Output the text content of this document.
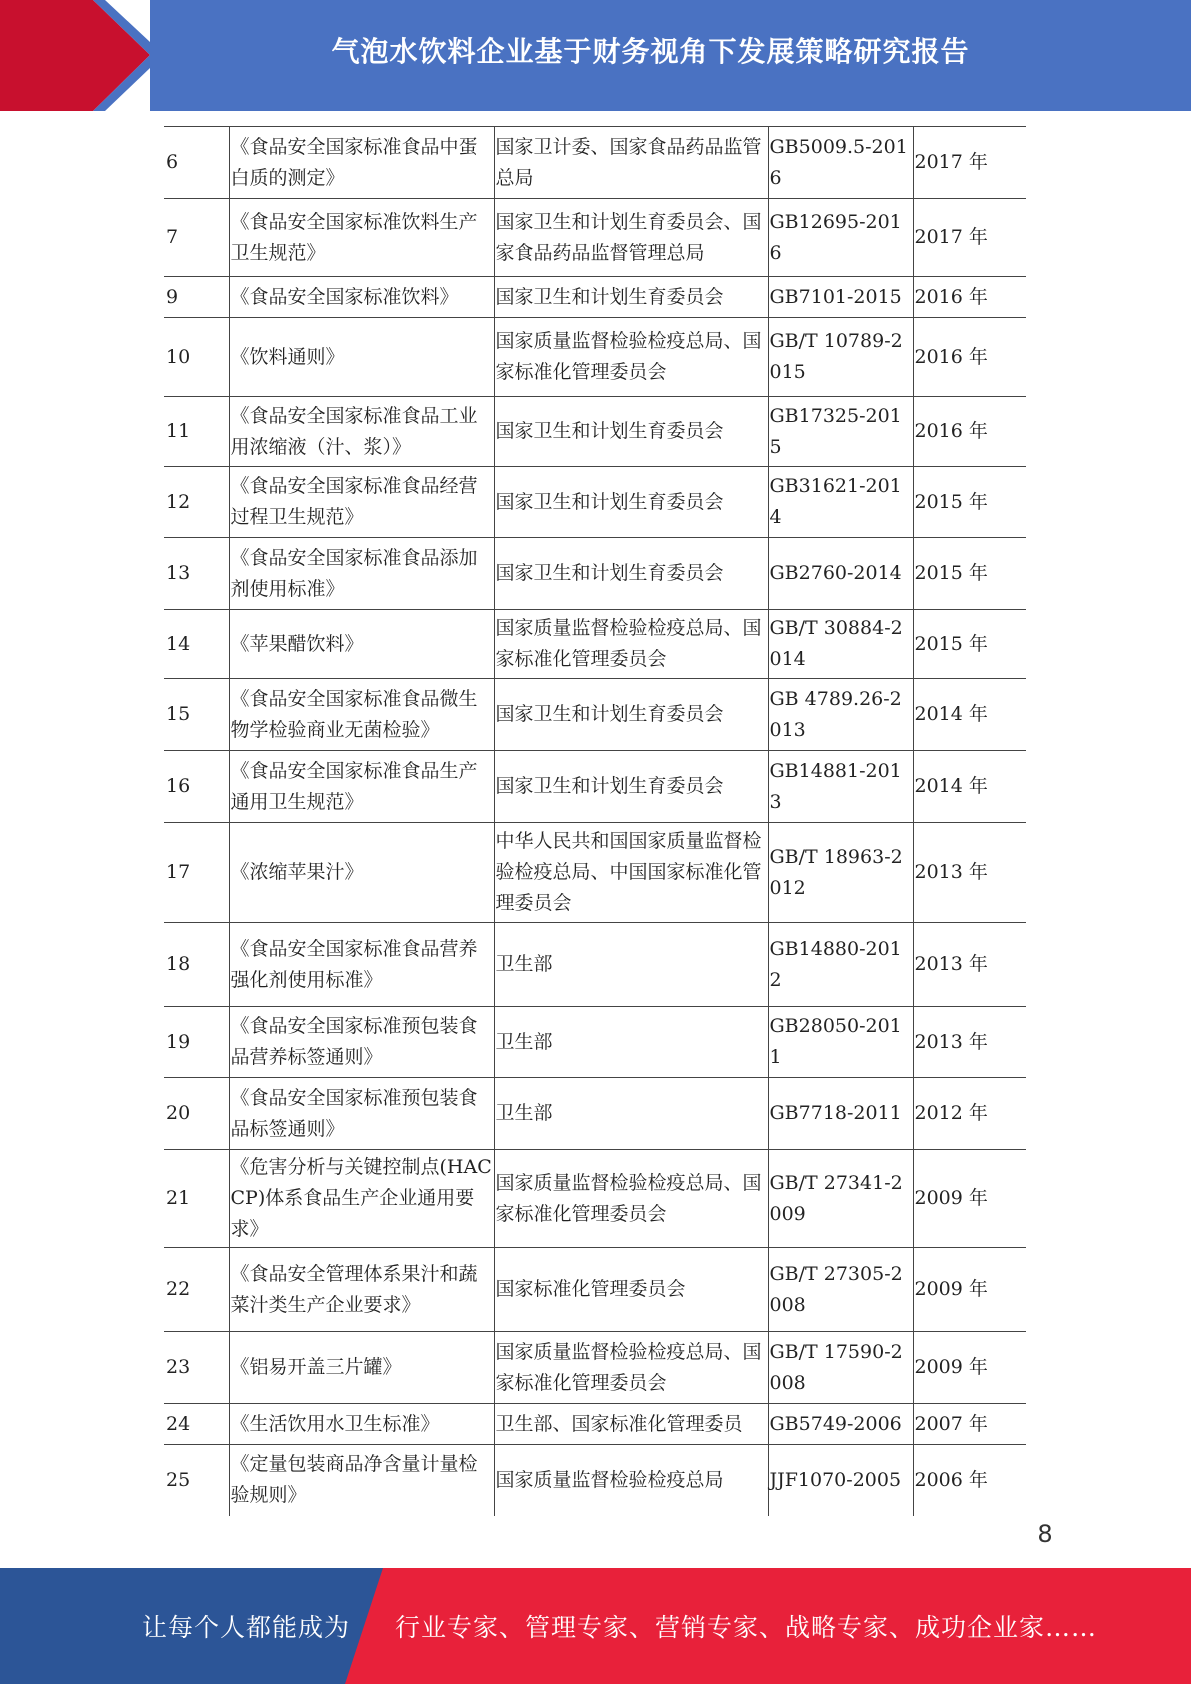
气泡水饮料企业基于财务视角下发展策略研究报告
6	《食品安全国家标准食品中蛋白质的测定》	国家卫计委、国家食品药品监管总局	GB5009.5-2016	2017 年
7	《食品安全国家标准饮料生产卫生规范》	国家卫生和计划生育委员会、国家食品药品监督管理总局	GB12695-2016	2017 年
9	《食品安全国家标准饮料》	国家卫生和计划生育委员会	GB7101-2015	2016 年
10	《饮料通则》	国家质量监督检验检疫总局、国家标准化管理委员会	GB/T 10789-2015	2016 年
11	《食品安全国家标准食品工业用浓缩液（汁、浆）》	国家卫生和计划生育委员会	GB17325-2015	2016 年
12	《食品安全国家标准食品经营过程卫生规范》	国家卫生和计划生育委员会	GB31621-2014	2015 年
13	《食品安全国家标准食品添加剂使用标准》	国家卫生和计划生育委员会	GB2760-2014	2015 年
14	《苹果醋饮料》	国家质量监督检验检疫总局、国家标准化管理委员会	GB/T 30884-2014	2015 年
15	《食品安全国家标准食品微生物学检验商业无菌检验》	国家卫生和计划生育委员会	GB 4789.26-2013	2014 年
16	《食品安全国家标准食品生产通用卫生规范》	国家卫生和计划生育委员会	GB14881-2013	2014 年
17	《浓缩苹果汁》	中华人民共和国国家质量监督检验检疫总局、中国国家标准化管理委员会	GB/T 18963-2012	2013 年
18	《食品安全国家标准食品营养强化剂使用标准》	卫生部	GB14880-2012	2013 年
19	《食品安全国家标准预包装食品营养标签通则》	卫生部	GB28050-2011	2013 年
20	《食品安全国家标准预包装食品标签通则》	卫生部	GB7718-2011	2012 年
21	《危害分析与关键控制点(HACCP)体系食品生产企业通用要求》	国家质量监督检验检疫总局、国家标准化管理委员会	GB/T 27341-2009	2009 年
22	《食品安全管理体系果汁和蔬菜汁类生产企业要求》	国家标准化管理委员会	GB/T 27305-2008	2009 年
23	《铝易开盖三片罐》	国家质量监督检验检疫总局、国家标准化管理委员会	GB/T 17590-2008	2009 年
24	《生活饮用水卫生标准》	卫生部、国家标准化管理委员	GB5749-2006	2007 年
25	《定量包装商品净含量计量检验规则》	国家质量监督检验检疫总局	JJF1070-2005	2006 年
8
让每个人都能成为	行业专家、管理专家、营销专家、战略专家、成功企业家……
